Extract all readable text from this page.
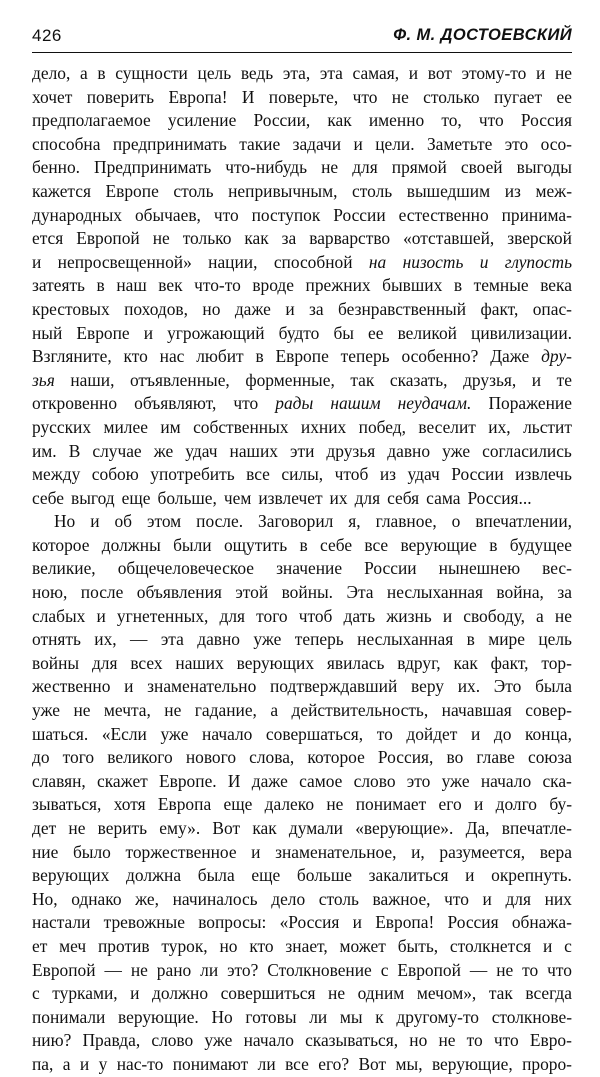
426	Ф. М. ДОСТОЕВСКИЙ
дело, а в сущности цель ведь эта, эта самая, и вот этому-то и не
хочет поверить Европа! И поверьте, что не столько пугает ее
предполагаемое усиление России, как именно то, что Россия
способна предпринимать такие задачи и цели. Заметьте это осо-
бенно. Предпринимать что-нибудь не для прямой своей выгоды
кажется Европе столь непривычным, столь вышедшим из меж-
дународных обычаев, что поступок России естественно принима-
ется Европой не только как за варварство «отставшей, зверской
и непросвещенной» нации, способной на низость и глупость
затеять в наш век что-то вроде прежних бывших в темные века
крестовых походов, но даже и за безнравственный факт, опас-
ный Европе и угрожающий будто бы ее великой цивилизации.
Взгляните, кто нас любит в Европе теперь особенно? Даже дру-
зья наши, отъявленные, форменные, так сказать, друзья, и те
откровенно объявляют, что рады нашим неудачам. Поражение
русских милее им собственных ихних побед, веселит их, льстит
им. В случае же удач наших эти друзья давно уже согласились
между собою употребить все силы, чтоб из удач России извлечь
себе выгод еще больше, чем извлечет их для себя сама Россия...
Но и об этом после. Заговорил я, главное, о впечатлении,
которое должны были ощутить в себе все верующие в будущее
великие, общечеловеческое значение России нынешнею вес-
ною, после объявления этой войны. Эта неслыханная война, за
слабых и угнетенных, для того чтоб дать жизнь и свободу, а не
отнять их, — эта давно уже теперь неслыханная в мире цель
войны для всех наших верующих явилась вдруг, как факт, тор-
жественно и знаменательно подтверждавший веру их. Это была
уже не мечта, не гадание, а действительность, начавшая совер-
шаться. «Если уже начало совершаться, то дойдет и до конца,
до того великого нового слова, которое Россия, во главе союза
славян, скажет Европе. И даже самое слово это уже начало ска-
зываться, хотя Европа еще далеко не понимает его и долго бу-
дет не верить ему». Вот как думали «верующие». Да, впечатле-
ние было торжественное и знаменательное, и, разумеется, вера
верующих должна была еще больше закалиться и окрепнуть.
Но, однако же, начиналось дело столь важное, что и для них
настали тревожные вопросы: «Россия и Европа! Россия обнажа-
ет меч против турок, но кто знает, может быть, столкнется и с
Европой — не рано ли это? Столкновение с Европой — не то что
с турками, и должно совершиться не одним мечом», так всегда
понимали верующие. Но готовы ли мы к другому-то столкнове-
нию? Правда, слово уже начало сказываться, но не то что Евро-
па, а и у нас-то понимают ли все его? Вот мы, верующие, проро-
